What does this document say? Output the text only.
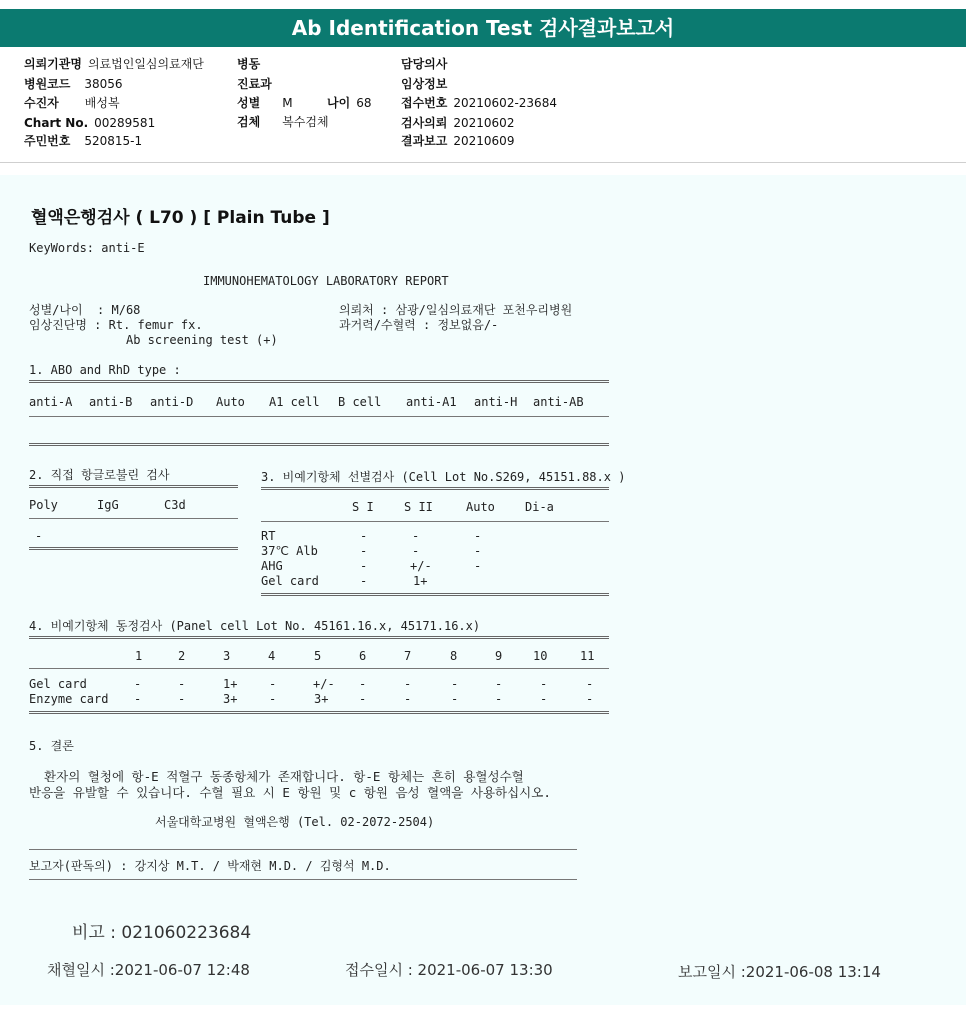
Ab Identification Test 검사결과보고서
의뢰기관명 의료법인일심의료재단
병원코드 38056
수진자 배성복
Chart No. 00289581
주민번호 520815-1
병동
진료과
성별 M	나이 68
검체 복수검체
담당의사
임상정보
접수번호 20210602-23684
검사의뢰 20210602
결과보고 20210609
혈액은행검사 ( L70 ) [ Plain Tube ]
KeyWords: anti-E
IMMUNOHEMATOLOGY LABORATORY REPORT
성별/나이  : M/68
임상진단명 : Rt. femur fx.
Ab screening test (+)
의뢰처 : 삼광/일심의료재단 포천우리병원
과거력/수혈력 : 정보없음/-
1. ABO and RhD type :
anti-A anti-B anti-D Auto A1 cell B cell anti-A1 anti-H anti-AB
2. 직접 항글로불린 검사
Poly	IgG	C3d
-
3. 비예기항체 선별검사 (Cell Lot No.S269, 45151.88.x )
S I	S II	Auto	Di-a
RT	-	-	-
37℃ Alb	-	-	-
AHG	-	+/-	-
Gel card	-	1+
4. 비예기항체 동정검사 (Panel cell Lot No. 45161.16.x, 45171.16.x)
1	2	3	4	5	6	7	8	9	10	11
Gel card	-	-	1+	-	+/- -	-	-	-	-	-
Enzyme card -	-	3+	-	3+	-	-	-	-	-	-
5. 결론
환자의 혈청에 항-E 적혈구 동종항체가 존재합니다. 항-E 항체는 흔히 용혈성수혈
반응을 유발할 수 있습니다. 수혈 필요 시 E 항원 및 c 항원 음성 혈액을 사용하십시오.
서울대학교병원 혈액은행 (Tel. 02-2072-2504)
보고자(판독의) : 강지상 M.T. / 박재현 M.D. / 김형석 M.D.
비고 : 021060223684
채혈일시 :2021-06-07 12:48	접수일시 : 2021-06-07 13:30	보고일시 :2021-06-08 13:14
